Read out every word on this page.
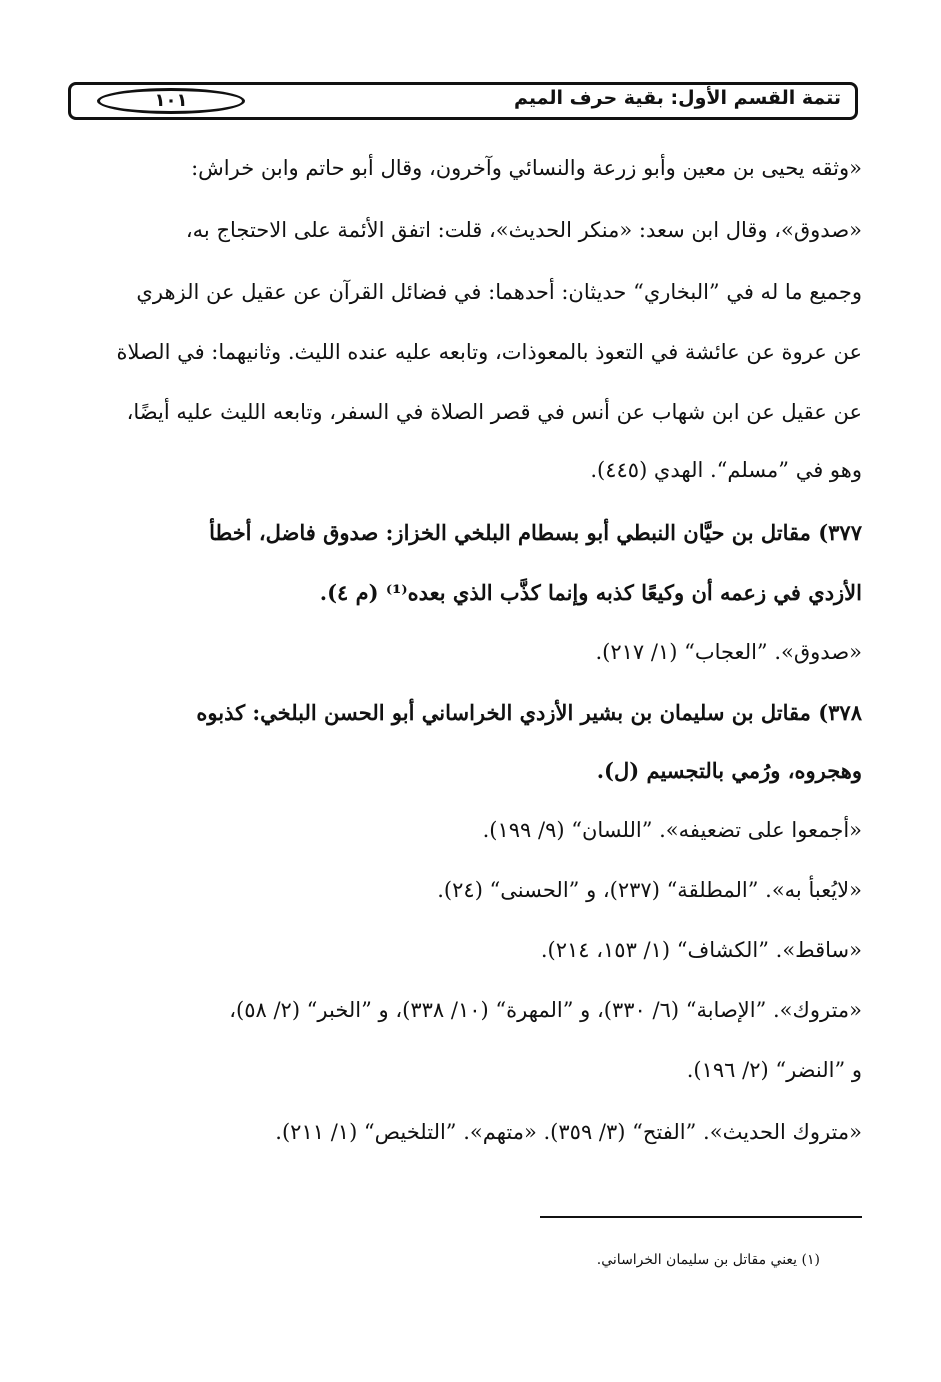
تتمة القسم الأول: بقية حرف الميم
١٠١
«وثقه يحيى بن معين وأبو زرعة والنسائي وآخرون، وقال أبو حاتم وابن خراش:
«صدوق»، وقال ابن سعد: «منكر الحديث»، قلت: اتفق الأئمة على الاحتجاج به،
وجميع ما له في ”البخاري“ حديثان: أحدهما: في فضائل القرآن عن عقيل عن الزهري
عن عروة عن عائشة في التعوذ بالمعوذات، وتابعه عليه عنده الليث. وثانيهما: في الصلاة
عن عقيل عن ابن شهاب عن أنس في قصر الصلاة في السفر، وتابعه الليث عليه أيضًا،
وهو في ”مسلم“. الهدي (٤٤٥).
٣٧٧) مقاتل بن حيَّان النبطي أبو بسطام البلخي الخزاز: صدوق فاضل، أخطأ
الأزدي في زعمه أن وكيعًا كذبه وإنما كذَّب الذي بعده⁽¹⁾ (م ٤).
«صدوق». ”العجاب“ (١/ ٢١٧).
٣٧٨) مقاتل بن سليمان بن بشير الأزدي الخراساني أبو الحسن البلخي: كذبوه
وهجروه، ورُمي بالتجسيم (ل).
«أجمعوا على تضعيفه». ”اللسان“ (٩/ ١٩٩).
«لايُعبأ به». ”المطلقة“ (٢٣٧)، و ”الحسنى“ (٢٤).
«ساقط». ”الكشاف“ (١/ ١٥٣، ٢١٤).
«متروك». ”الإصابة“ (٦/ ٣٣٠)، و ”المهرة“ (١٠/ ٣٣٨)، و ”الخبر“ (٢/ ٥٨)،
و ”النضر“ (٢/ ١٩٦).
«متروك الحديث». ”الفتح“ (٣/ ٣٥٩). «متهم». ”التلخيص“ (١/ ٢١١).
(١) يعني مقاتل بن سليمان الخراساني.
